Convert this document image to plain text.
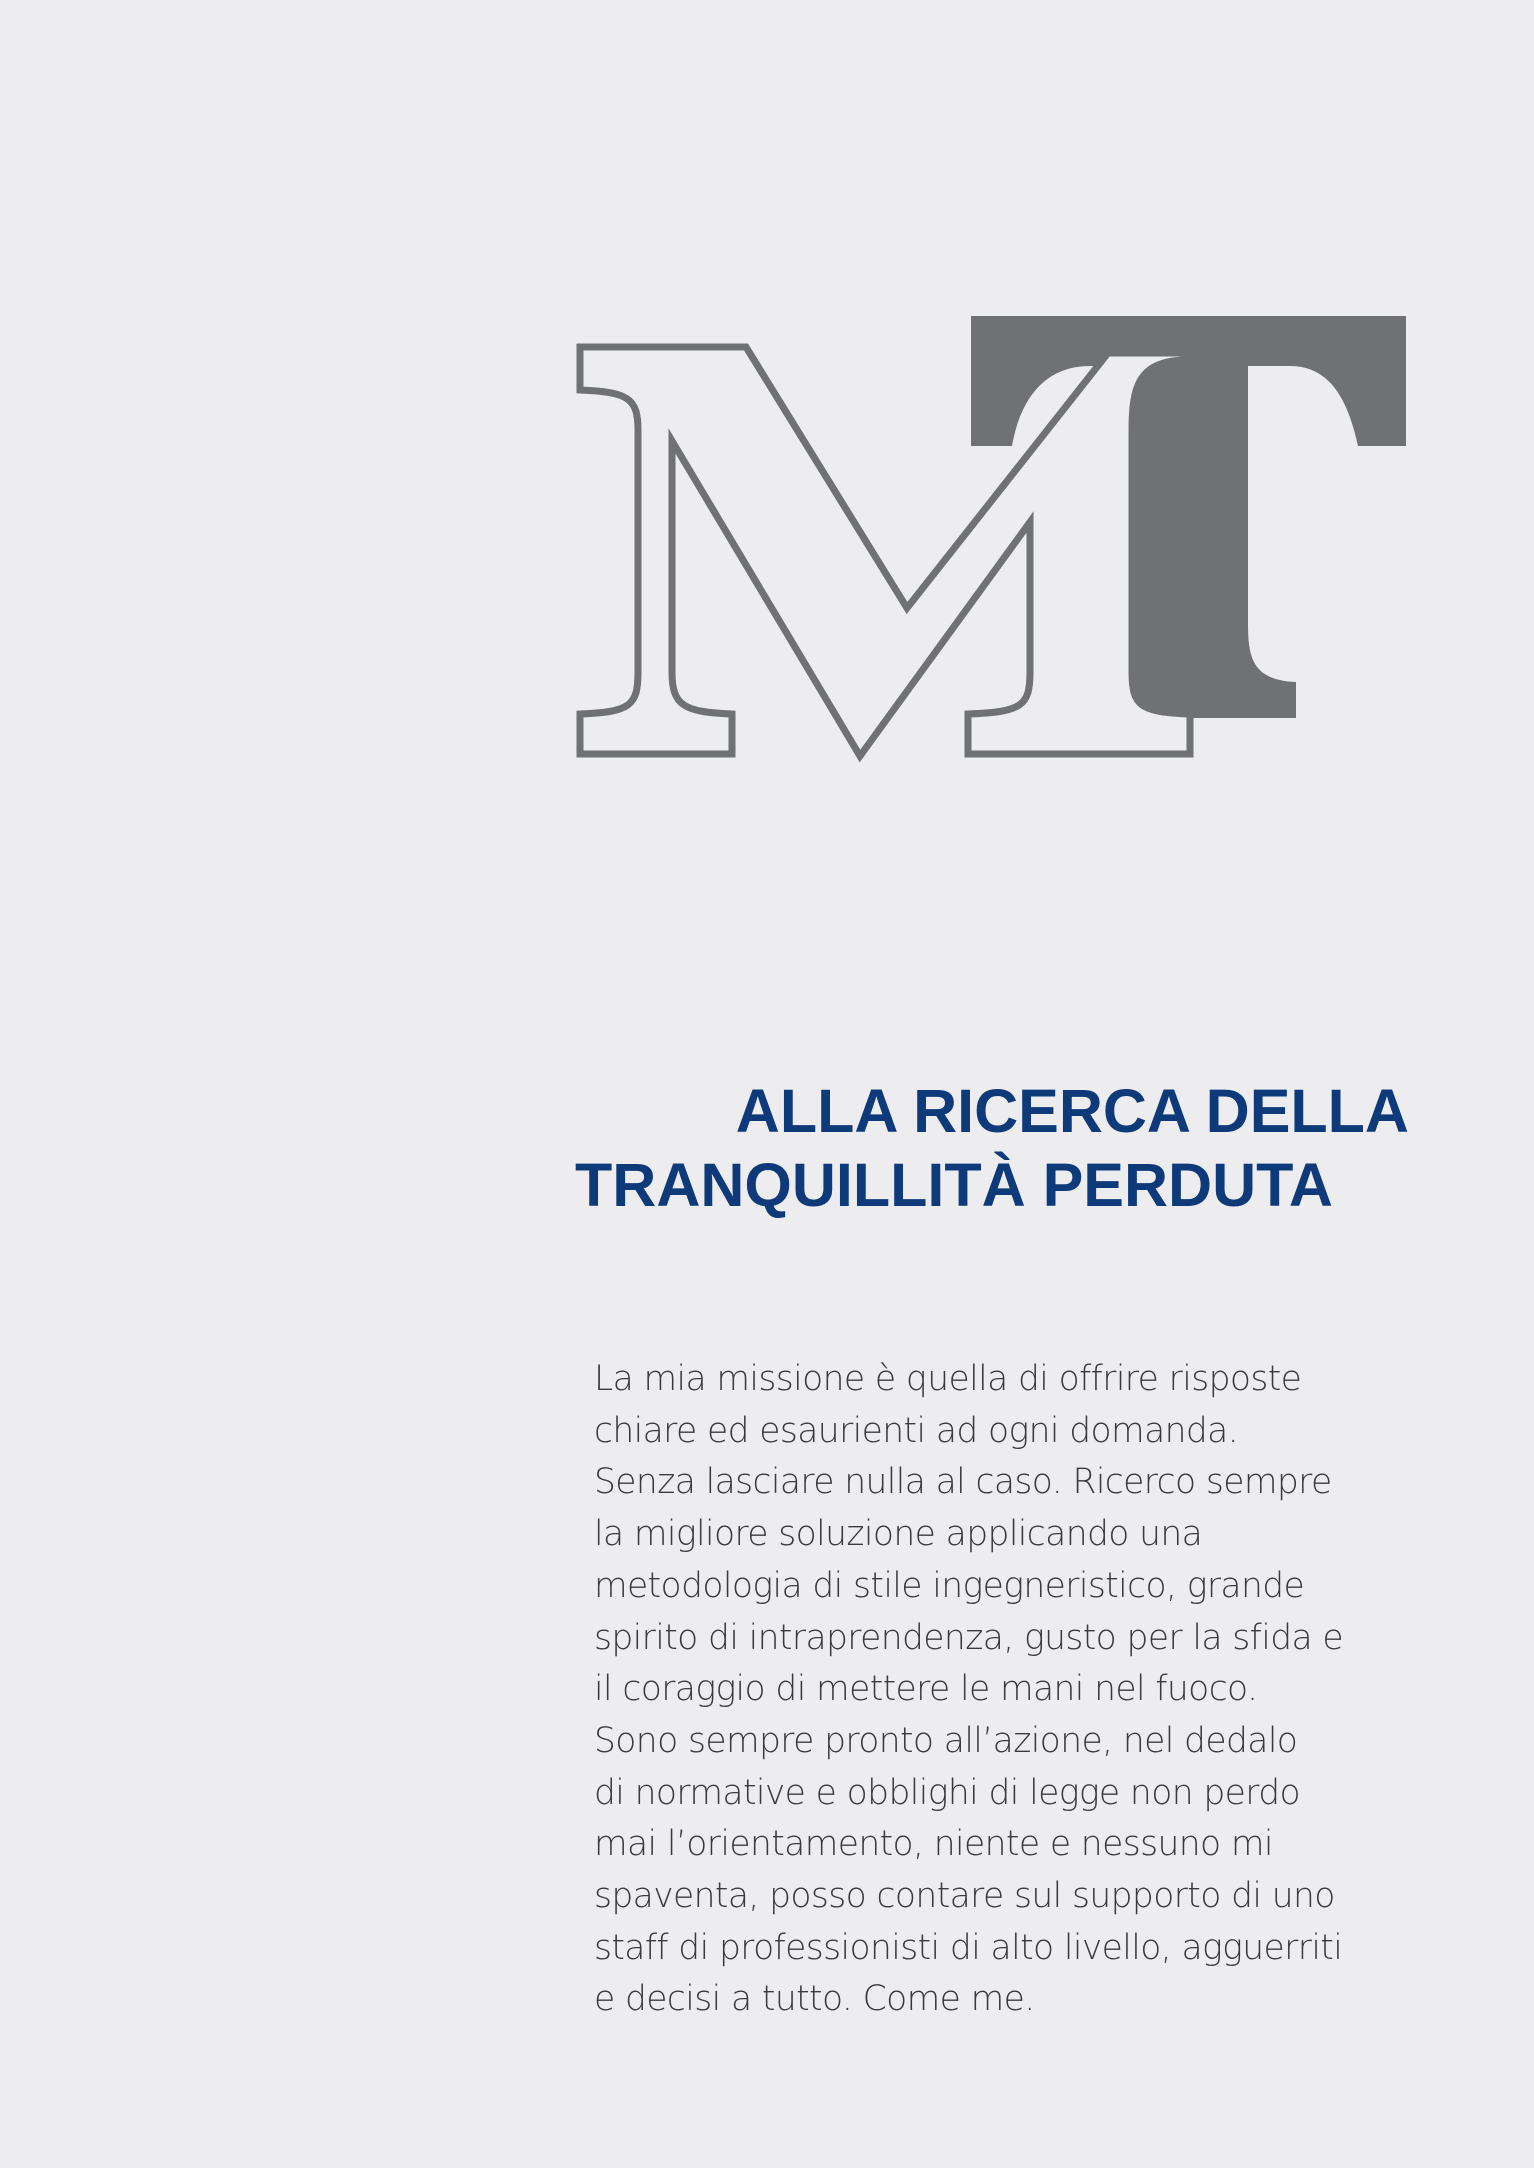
ALLA RICERCA DELLA
TRANQUILLITÀ PERDUTA

La mia missione è quella di offrire risposte
chiare ed esaurienti ad ogni domanda.
Senza lasciare nulla al caso. Ricerco sempre
la migliore soluzione applicando una
metodologia di stile ingegneristico, grande
spirito di intraprendenza, gusto per la sfida e
il coraggio di mettere le mani nel fuoco.
Sono sempre pronto all’azione, nel dedalo
di normative e obblighi di legge non perdo
mai l’orientamento, niente e nessuno mi
spaventa, posso contare sul supporto di uno
staff di professionisti di alto livello, agguerriti
e decisi a tutto. Come me.
